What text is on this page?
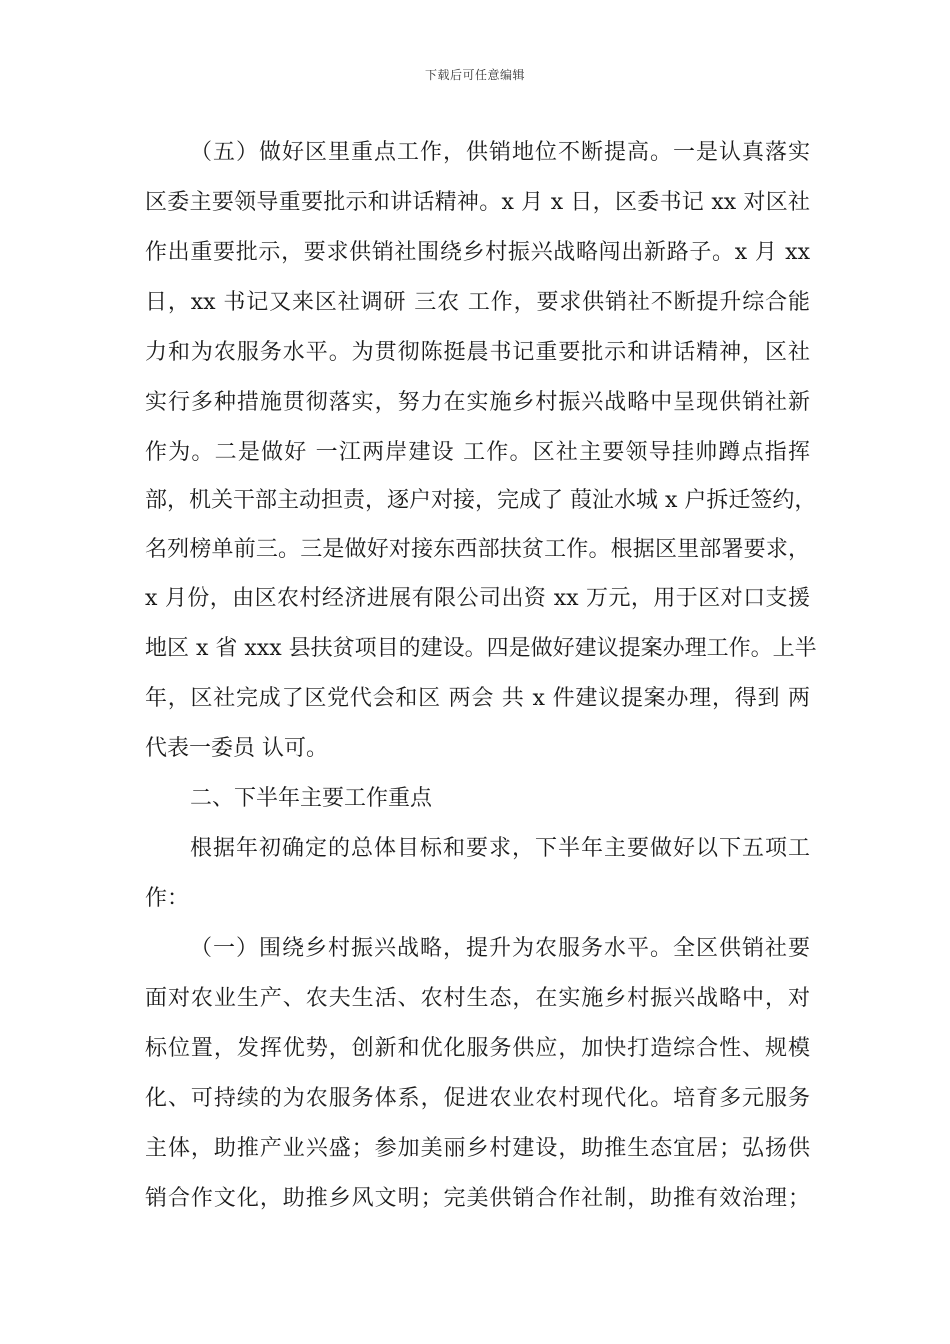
下载后可任意编辑
（五）做好区里重点工作，供销地位不断提高。一是认真落实
区委主要领导重要批示和讲话精神。x 月 x 日，区委书记 xx 对区社
作出重要批示，要求供销社围绕乡村振兴战略闯出新路子。x 月 xx
日，xx 书记又来区社调研 三农 工作，要求供销社不断提升综合能
力和为农服务水平。为贯彻陈挺晨书记重要批示和讲话精神，区社
实行多种措施贯彻落实，努力在实施乡村振兴战略中呈现供销社新
作为。二是做好 一江两岸建设 工作。区社主要领导挂帅蹲点指挥
部，机关干部主动担责，逐户对接，完成了 葭沚水城 x 户拆迁签约，
名列榜单前三。三是做好对接东西部扶贫工作。根据区里部署要求，
x 月份，由区农村经济进展有限公司出资 xx 万元，用于区对口支援
地区 x 省 xxx 县扶贫项目的建设。四是做好建议提案办理工作。上半
年，区社完成了区党代会和区 两会 共 x 件建议提案办理，得到 两
代表一委员 认可。
二、下半年主要工作重点
根据年初确定的总体目标和要求，下半年主要做好以下五项工
作：
（一）围绕乡村振兴战略，提升为农服务水平。全区供销社要
面对农业生产、农夫生活、农村生态，在实施乡村振兴战略中，对
标位置，发挥优势，创新和优化服务供应，加快打造综合性、规模
化、可持续的为农服务体系，促进农业农村现代化。培育多元服务
主体，助推产业兴盛；参加美丽乡村建设，助推生态宜居；弘扬供
销合作文化，助推乡风文明；完美供销合作社制，助推有效治理；
